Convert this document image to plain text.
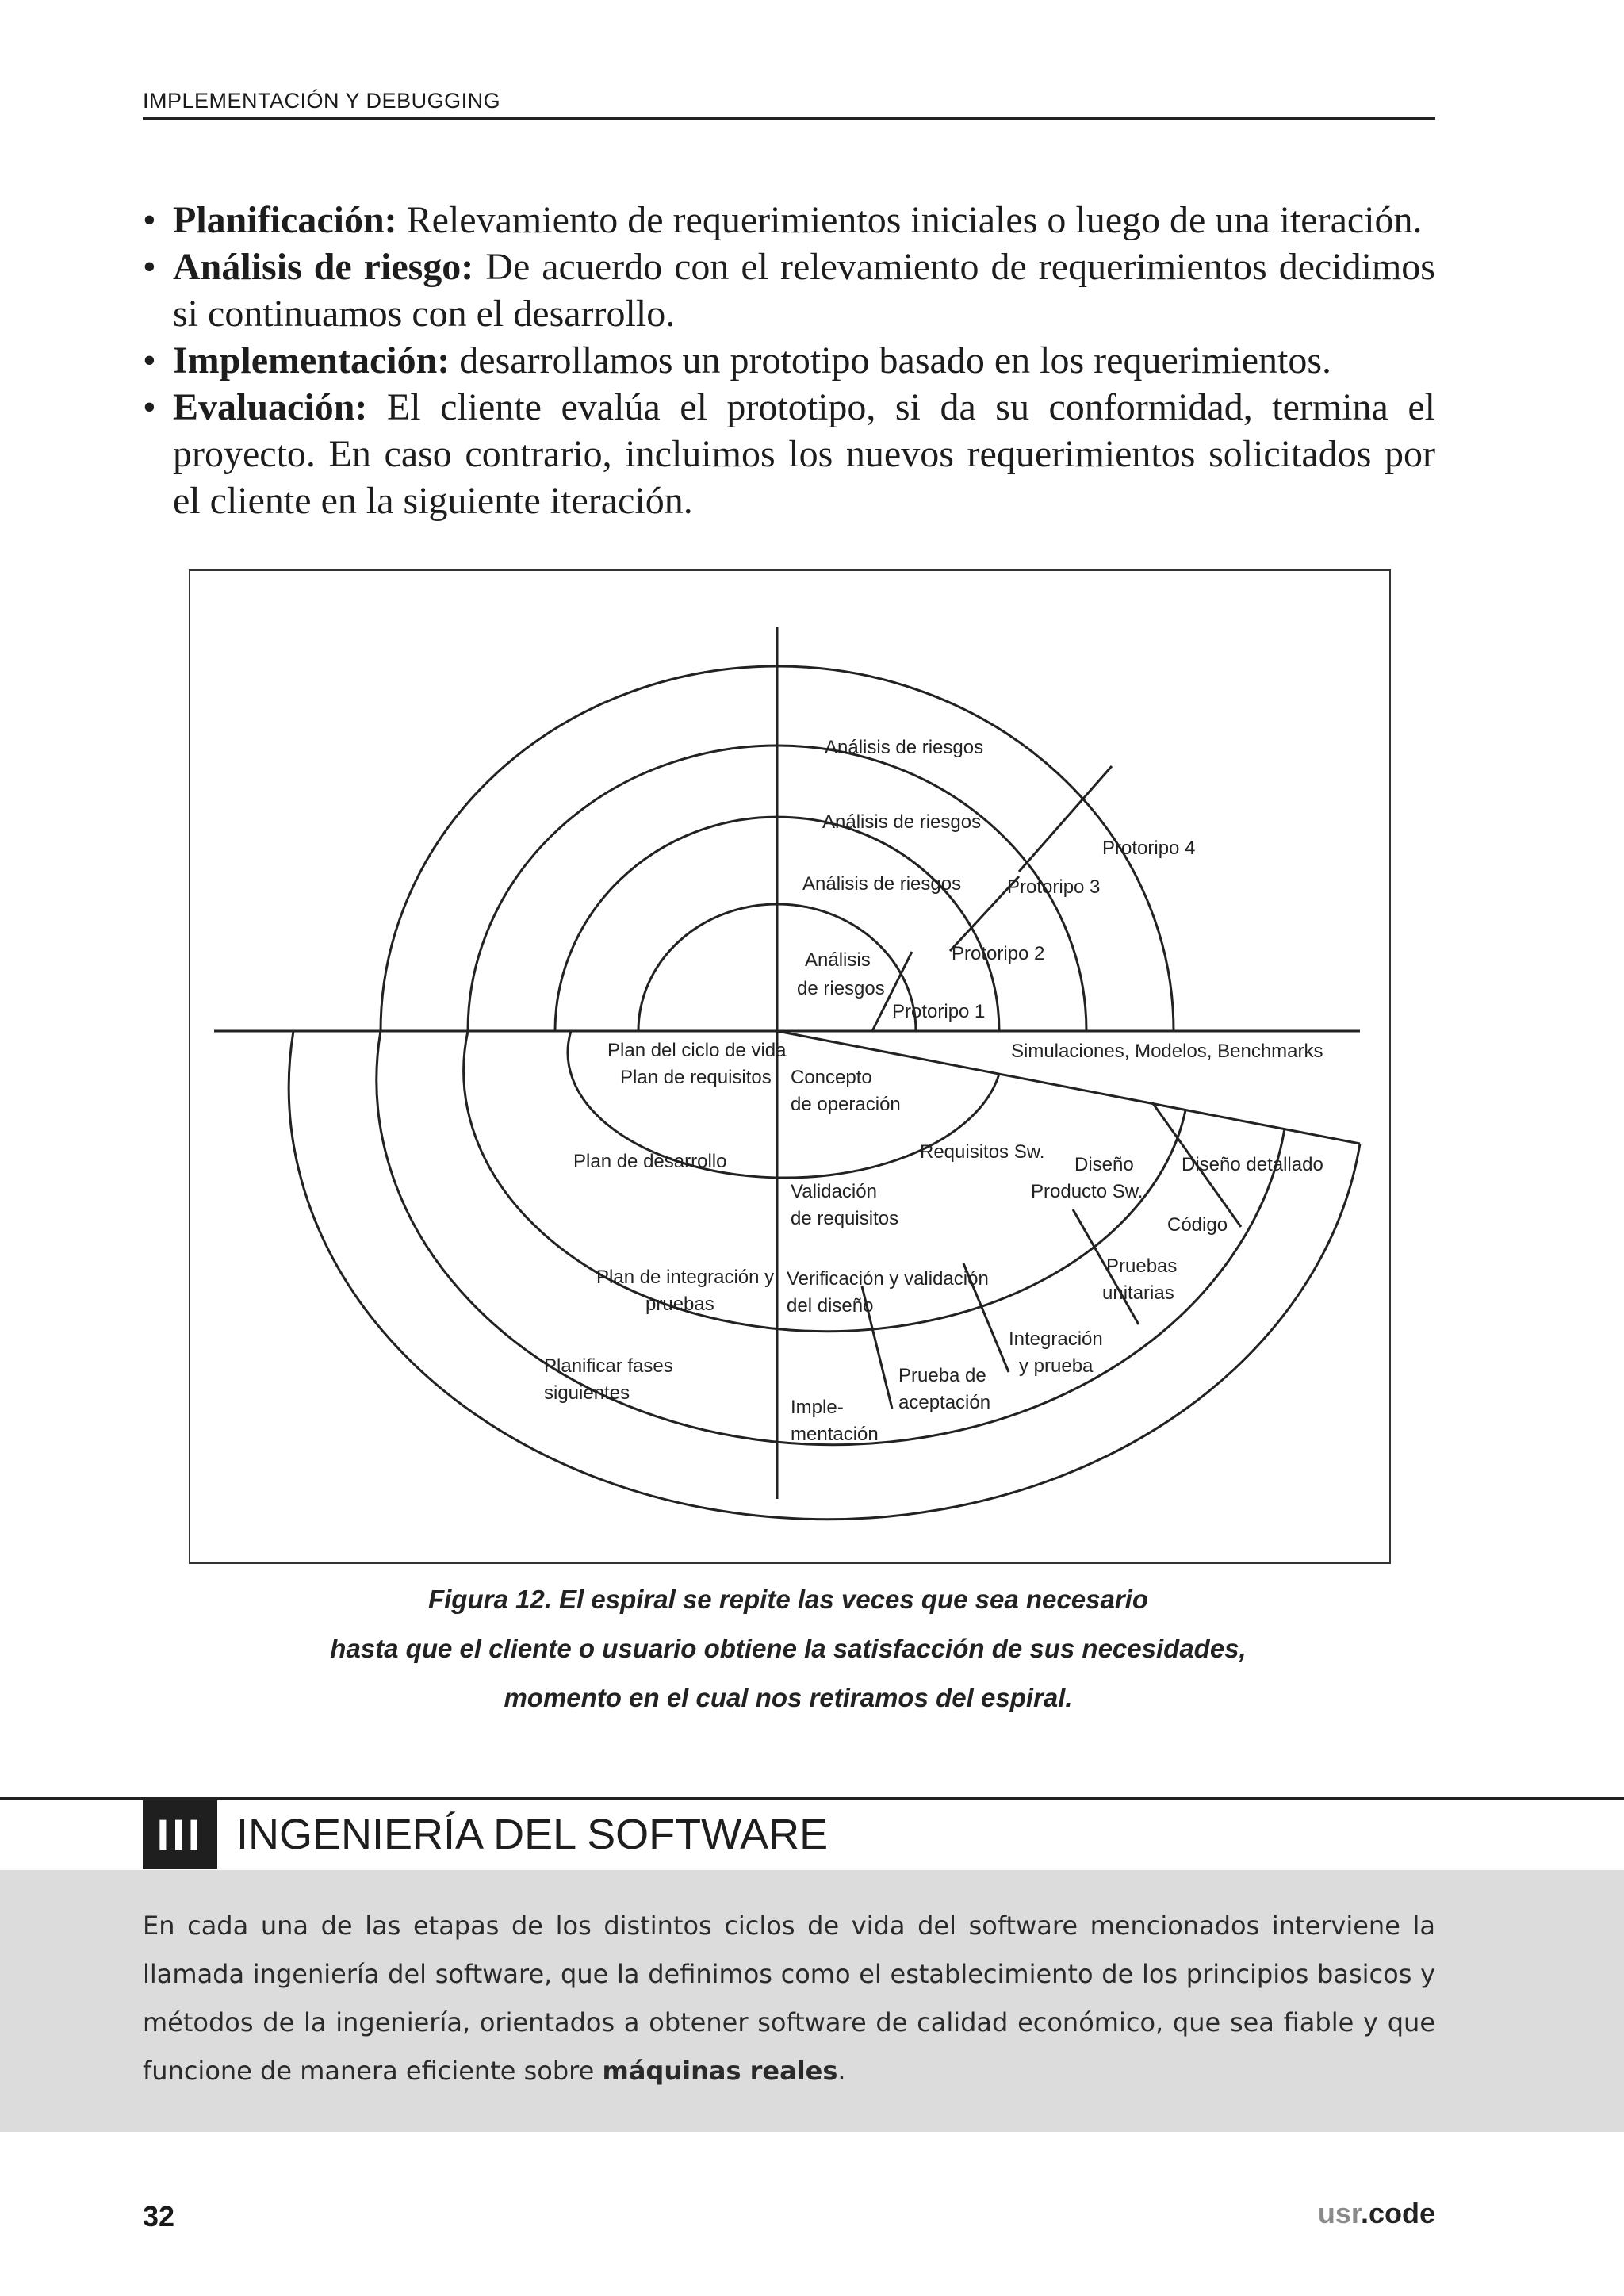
IMPLEMENTACIÓN Y DEBUGGING
• Planificación: Relevamiento de requerimientos iniciales o luego de una iteración.
• Análisis de riesgo: De acuerdo con el relevamiento de requerimientos decidimos si continuamos con el desarrollo.
• Implementación: desarrollamos un prototipo basado en los requerimientos.
• Evaluación: El cliente evalúa el prototipo, si da su conformidad, termina el proyecto. En caso contrario, incluimos los nuevos requerimientos solicitados por el cliente en la siguiente iteración.
Análisis de riesgos
Análisis de riesgos
Análisis de riesgos
Análisis
de riesgos
Protoripo 1
Protoripo 2
Protoripo 3
Protoripo 4
Simulaciones, Modelos, Benchmarks
Plan del ciclo de vida
Plan de requisitos Concepto
de operación
Plan de desarrollo	Requisitos Sw.
Diseño
Producto Sw.
Diseño detallado
Validación
de requisitos	Código
Plan de integración y
pruebas
Verificación y validación
del diseño
Pruebas
unitarias
Integración
y prueba
Prueba de
aceptación
Imple-
mentación
Planificar fases
siguientes
Figura 12. El espiral se repite las veces que sea necesario
hasta que el cliente o usuario obtiene la satisfacción de sus necesidades,
momento en el cual nos retiramos del espiral.
III INGENIERÍA DEL SOFTWARE
En cada una de las etapas de los distintos ciclos de vida del software mencionados interviene la llamada ingeniería del software, que la definimos como el establecimiento de los principios basicos y métodos de la ingeniería, orientados a obtener software de calidad económico, que sea fiable y que funcione de manera eficiente sobre máquinas reales.
32	usr.code
